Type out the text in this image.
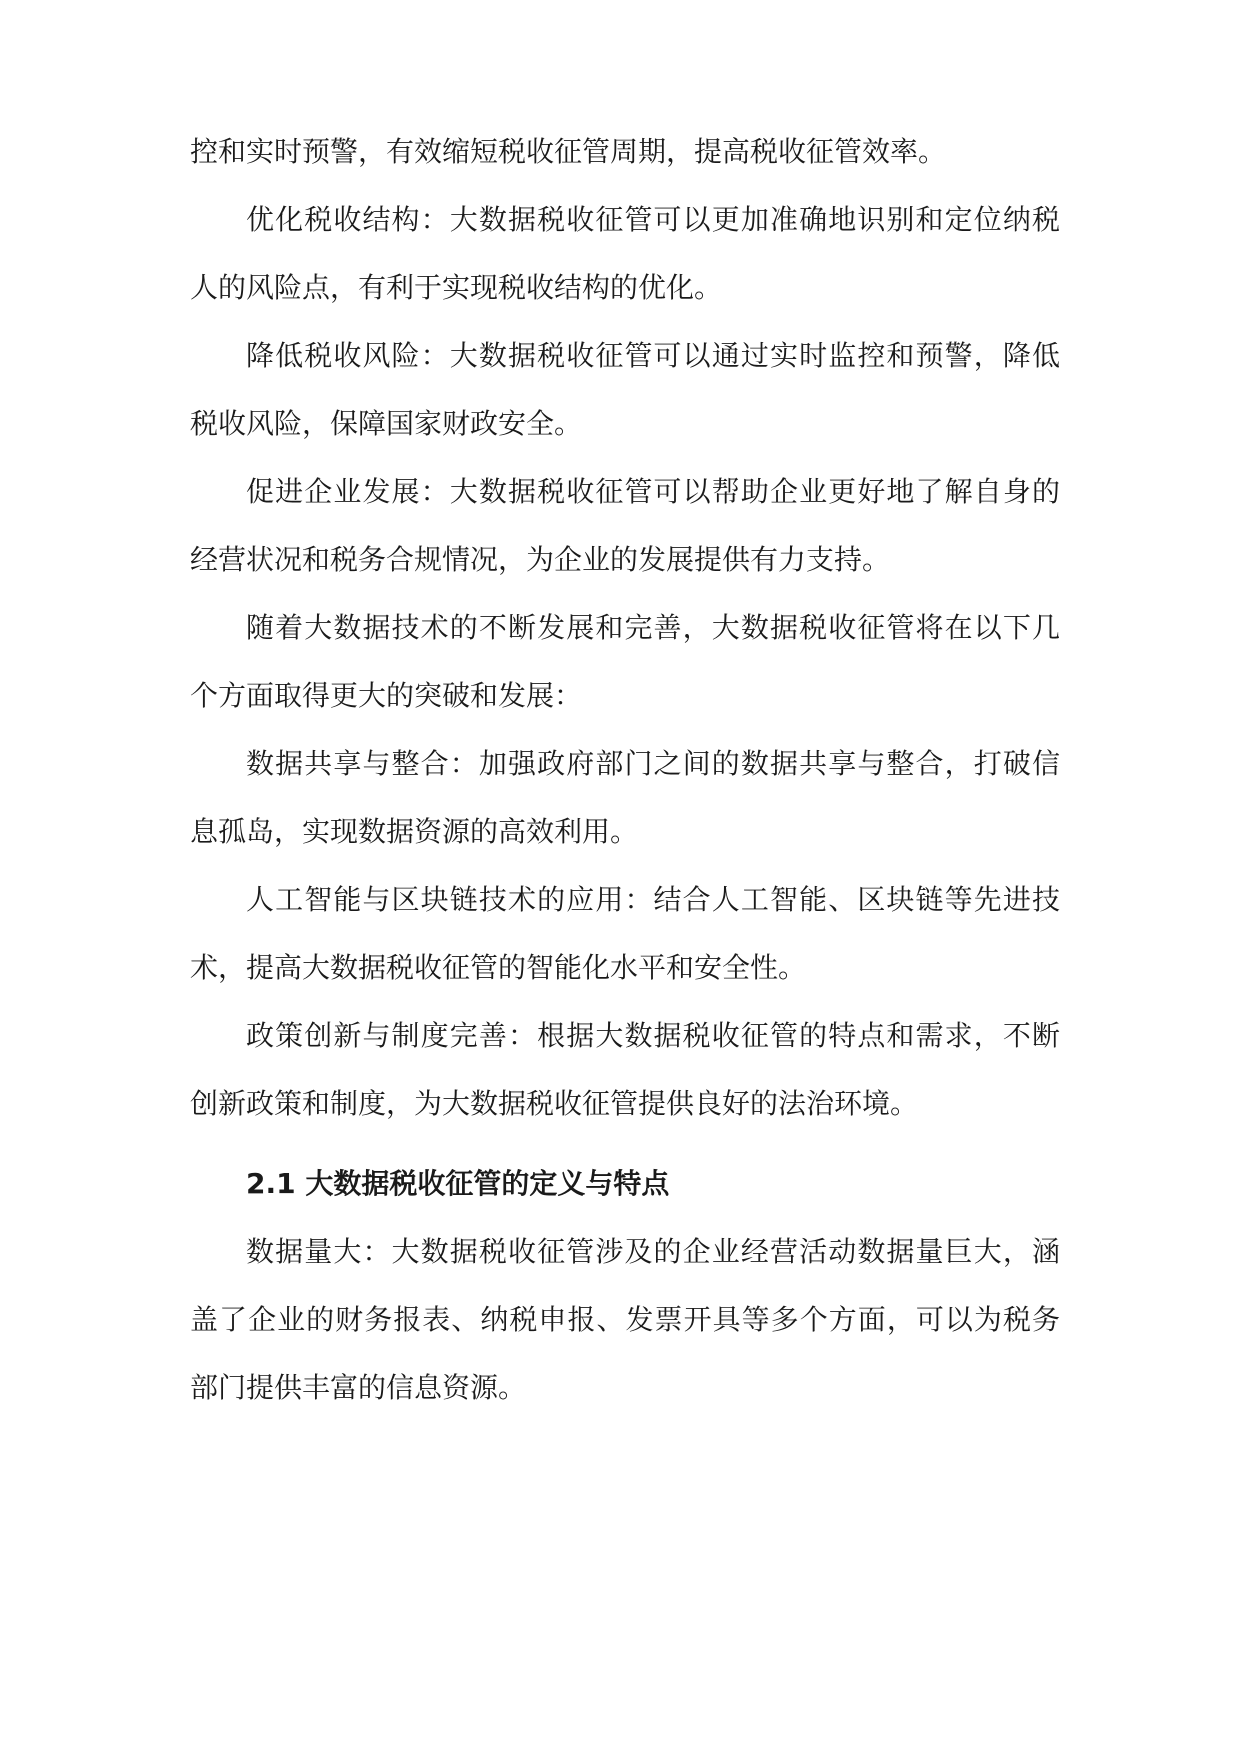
控和实时预警，有效缩短税收征管周期，提高税收征管效率。
优化税收结构：大数据税收征管可以更加准确地识别和定位纳税
人的风险点，有利于实现税收结构的优化。
降低税收风险：大数据税收征管可以通过实时监控和预警，降低
税收风险，保障国家财政安全。
促进企业发展：大数据税收征管可以帮助企业更好地了解自身的
经营状况和税务合规情况，为企业的发展提供有力支持。
随着大数据技术的不断发展和完善，大数据税收征管将在以下几
个方面取得更大的突破和发展：
数据共享与整合：加强政府部门之间的数据共享与整合，打破信
息孤岛，实现数据资源的高效利用。
人工智能与区块链技术的应用：结合人工智能、区块链等先进技
术，提高大数据税收征管的智能化水平和安全性。
政策创新与制度完善：根据大数据税收征管的特点和需求，不断
创新政策和制度，为大数据税收征管提供良好的法治环境。
2.1 大数据税收征管的定义与特点
数据量大：大数据税收征管涉及的企业经营活动数据量巨大，涵
盖了企业的财务报表、纳税申报、发票开具等多个方面，可以为税务
部门提供丰富的信息资源。
